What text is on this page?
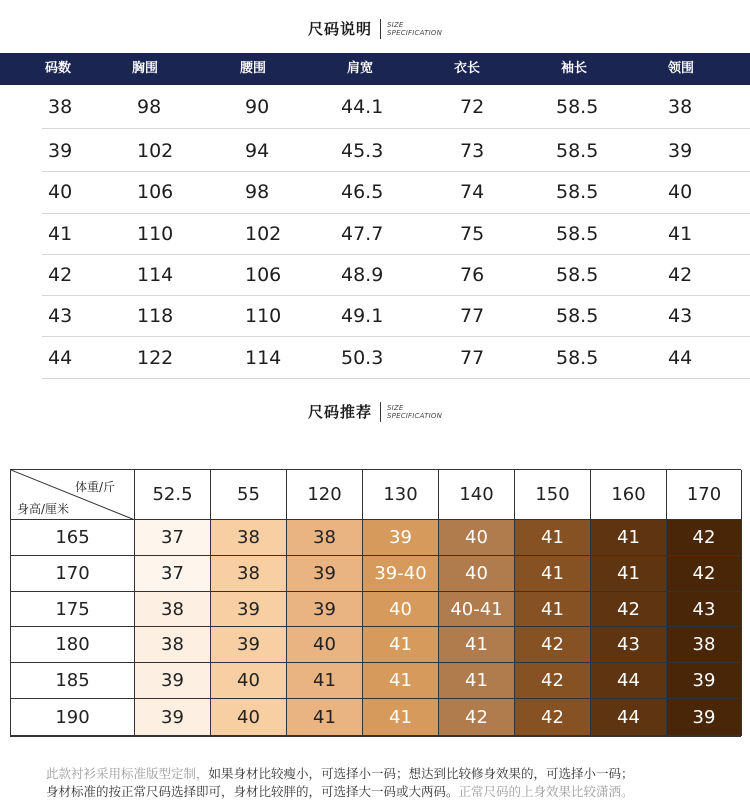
尺码说明 SIZE
SPECIFICATION
码数	胸围	腰围	肩宽	衣长	袖长	领围
38	98	90	44.1	72	58.5	38
39	102	94	45.3	73	58.5	39
40	106	98	46.5	74	58.5	40
41	110	102	47.7	75	58.5	41
42	114	106	48.9	76	58.5	42
43	118	110	49.1	77	58.5	43
44	122	114	50.3	77	58.5	44
尺码推荐 SIZE
SPECIFICATION
体重/斤
身高/厘米
52.5	55	120	130	140	150	160	170
165	37	38	38	39	40	41	41	42
170	37	38	39	39-40	40	41	41	42
175	38	39	39	40	40-41	41	42	43
180	38	39	40	41	41	42	43	38
185	39	40	41	41	41	42	44	39
190	39	40	41	41	42	42	44	39
此款衬衫采用标准版型定制，如果身材比较瘦小，可选择小一码；想达到比较修身效果的，可选择小一码；
身材标准的按正常尺码选择即可，身材比较胖的，可选择大一码或大两码。正常尺码的上身效果比较潇洒。
